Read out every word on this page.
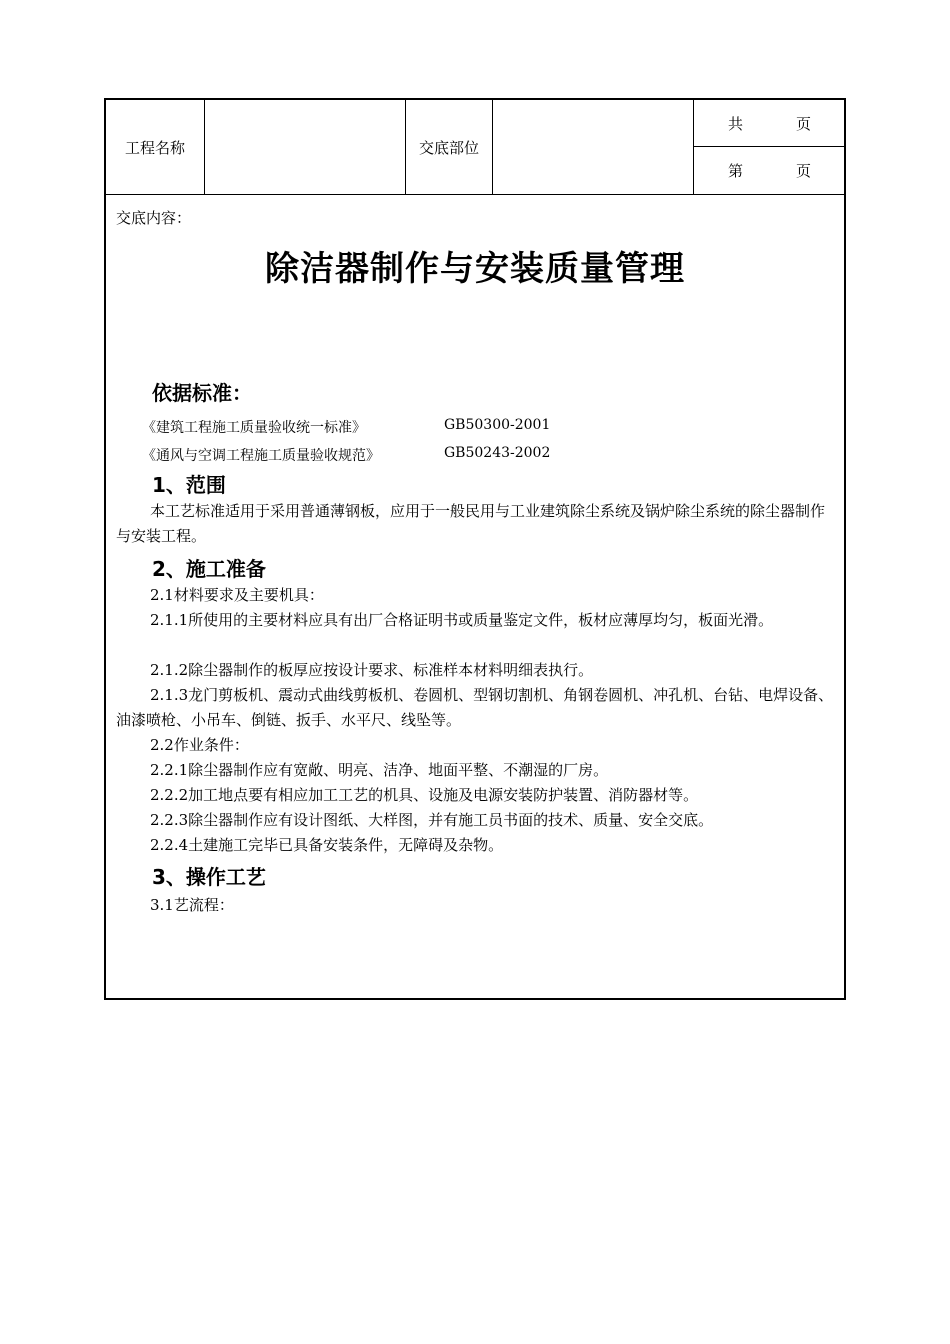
工程名称	交底部位
共	页
第	页
交底内容：
除洁器制作与安装质量管理
依据标准：
《建筑工程施工质量验收统一标准》	GB50300-2001
《通风与空调工程施工质量验收规范》	GB50243-2002
1、范围
本工艺标准适用于采用普通薄钢板，应用于一般民用与工业建筑除尘系统及锅炉除尘系统的除尘器制作与安装工程。
2、施工准备
2.1材料要求及主要机具：
2.1.1所使用的主要材料应具有出厂合格证明书或质量鉴定文件，板材应薄厚均匀，板面光滑。
2.1.2除尘器制作的板厚应按设计要求、标准样本材料明细表执行。
2.1.3龙门剪板机、震动式曲线剪板机、卷圆机、型钢切割机、角钢卷圆机、冲孔机、台钻、电焊设备、油漆喷枪、小吊车、倒链、扳手、水平尺、线坠等。
2.2作业条件：
2.2.1除尘器制作应有宽敞、明亮、洁净、地面平整、不潮湿的厂房。
2.2.2加工地点要有相应加工工艺的机具、设施及电源安装防护装置、消防器材等。
2.2.3除尘器制作应有设计图纸、大样图，并有施工员书面的技术、质量、安全交底。
2.2.4土建施工完毕已具备安装条件，无障碍及杂物。
3、操作工艺
3.1艺流程：
